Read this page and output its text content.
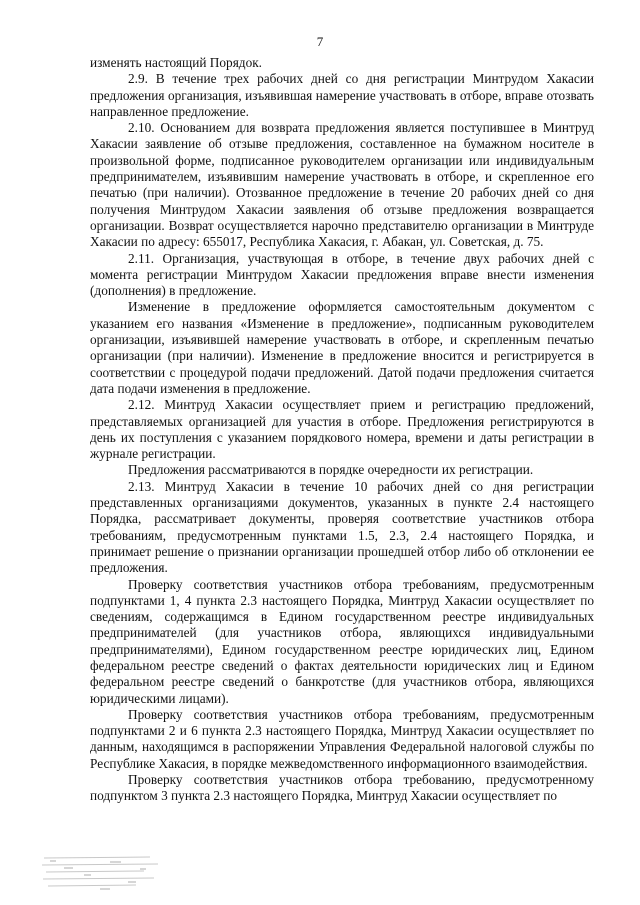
7

изменять настоящий Порядок.

2.9. В течение трех рабочих дней со дня регистрации Минтрудом Хакасии предложения организация, изъявившая намерение участвовать в отборе, вправе отозвать направленное предложение.

2.10. Основанием для возврата предложения является поступившее в Минтруд Хакасии заявление об отзыве предложения, составленное на бумажном носителе в произвольной форме, подписанное руководителем организации или индивидуальным предпринимателем, изъявившим намерение участвовать в отборе, и скрепленное его печатью (при наличии). Отозванное предложение в течение 20 рабочих дней со дня получения Минтрудом Хакасии заявления об отзыве предложения возвращается организации. Возврат осуществляется нарочно представителю организации в Минтруде Хакасии по адресу: 655017, Республика Хакасия, г. Абакан, ул. Советская, д. 75.

2.11. Организация, участвующая в отборе, в течение двух рабочих дней с момента регистрации Минтрудом Хакасии предложения вправе внести изменения (дополнения) в предложение.

Изменение в предложение оформляется самостоятельным документом с указанием его названия «Изменение в предложение», подписанным руководителем организации, изъявившей намерение участвовать в отборе, и скрепленным печатью организации (при наличии). Изменение в предложение вносится и регистрируется в соответствии с процедурой подачи предложений. Датой подачи предложения считается дата подачи изменения в предложение.

2.12. Минтруд Хакасии осуществляет прием и регистрацию предложений, представляемых организацией для участия в отборе. Предложения регистрируются в день их поступления с указанием порядкового номера, времени и даты регистрации в журнале регистрации.

Предложения рассматриваются в порядке очередности их регистрации.

2.13. Минтруд Хакасии в течение 10 рабочих дней со дня регистрации представленных организациями документов, указанных в пункте 2.4 настоящего Порядка, рассматривает документы, проверяя соответствие участников отбора требованиям, предусмотренным пунктами 1.5, 2.3, 2.4 настоящего Порядка, и принимает решение о признании организации прошедшей отбор либо об отклонении ее предложения.

Проверку соответствия участников отбора требованиям, предусмотренным подпунктами 1, 4 пункта 2.3 настоящего Порядка, Минтруд Хакасии осуществляет по сведениям, содержащимся в Едином государственном реестре индивидуальных предпринимателей (для участников отбора, являющихся индивидуальными предпринимателями), Едином государственном реестре юридических лиц, Едином федеральном реестре сведений о фактах деятельности юридических лиц и Едином федеральном реестре сведений о банкротстве (для участников отбора, являющихся юридическими лицами).

Проверку соответствия участников отбора требованиям, предусмотренным подпунктами 2 и 6 пункта 2.3 настоящего Порядка, Минтруд Хакасии осуществляет по данным, находящимся в распоряжении Управления Федеральной налоговой службы по Республике Хакасия, в порядке межведомственного информационного взаимодействия.

Проверку соответствия участников отбора требованию, предусмотренному подпунктом 3 пункта 2.3 настоящего Порядка, Минтруд Хакасии осуществляет по
